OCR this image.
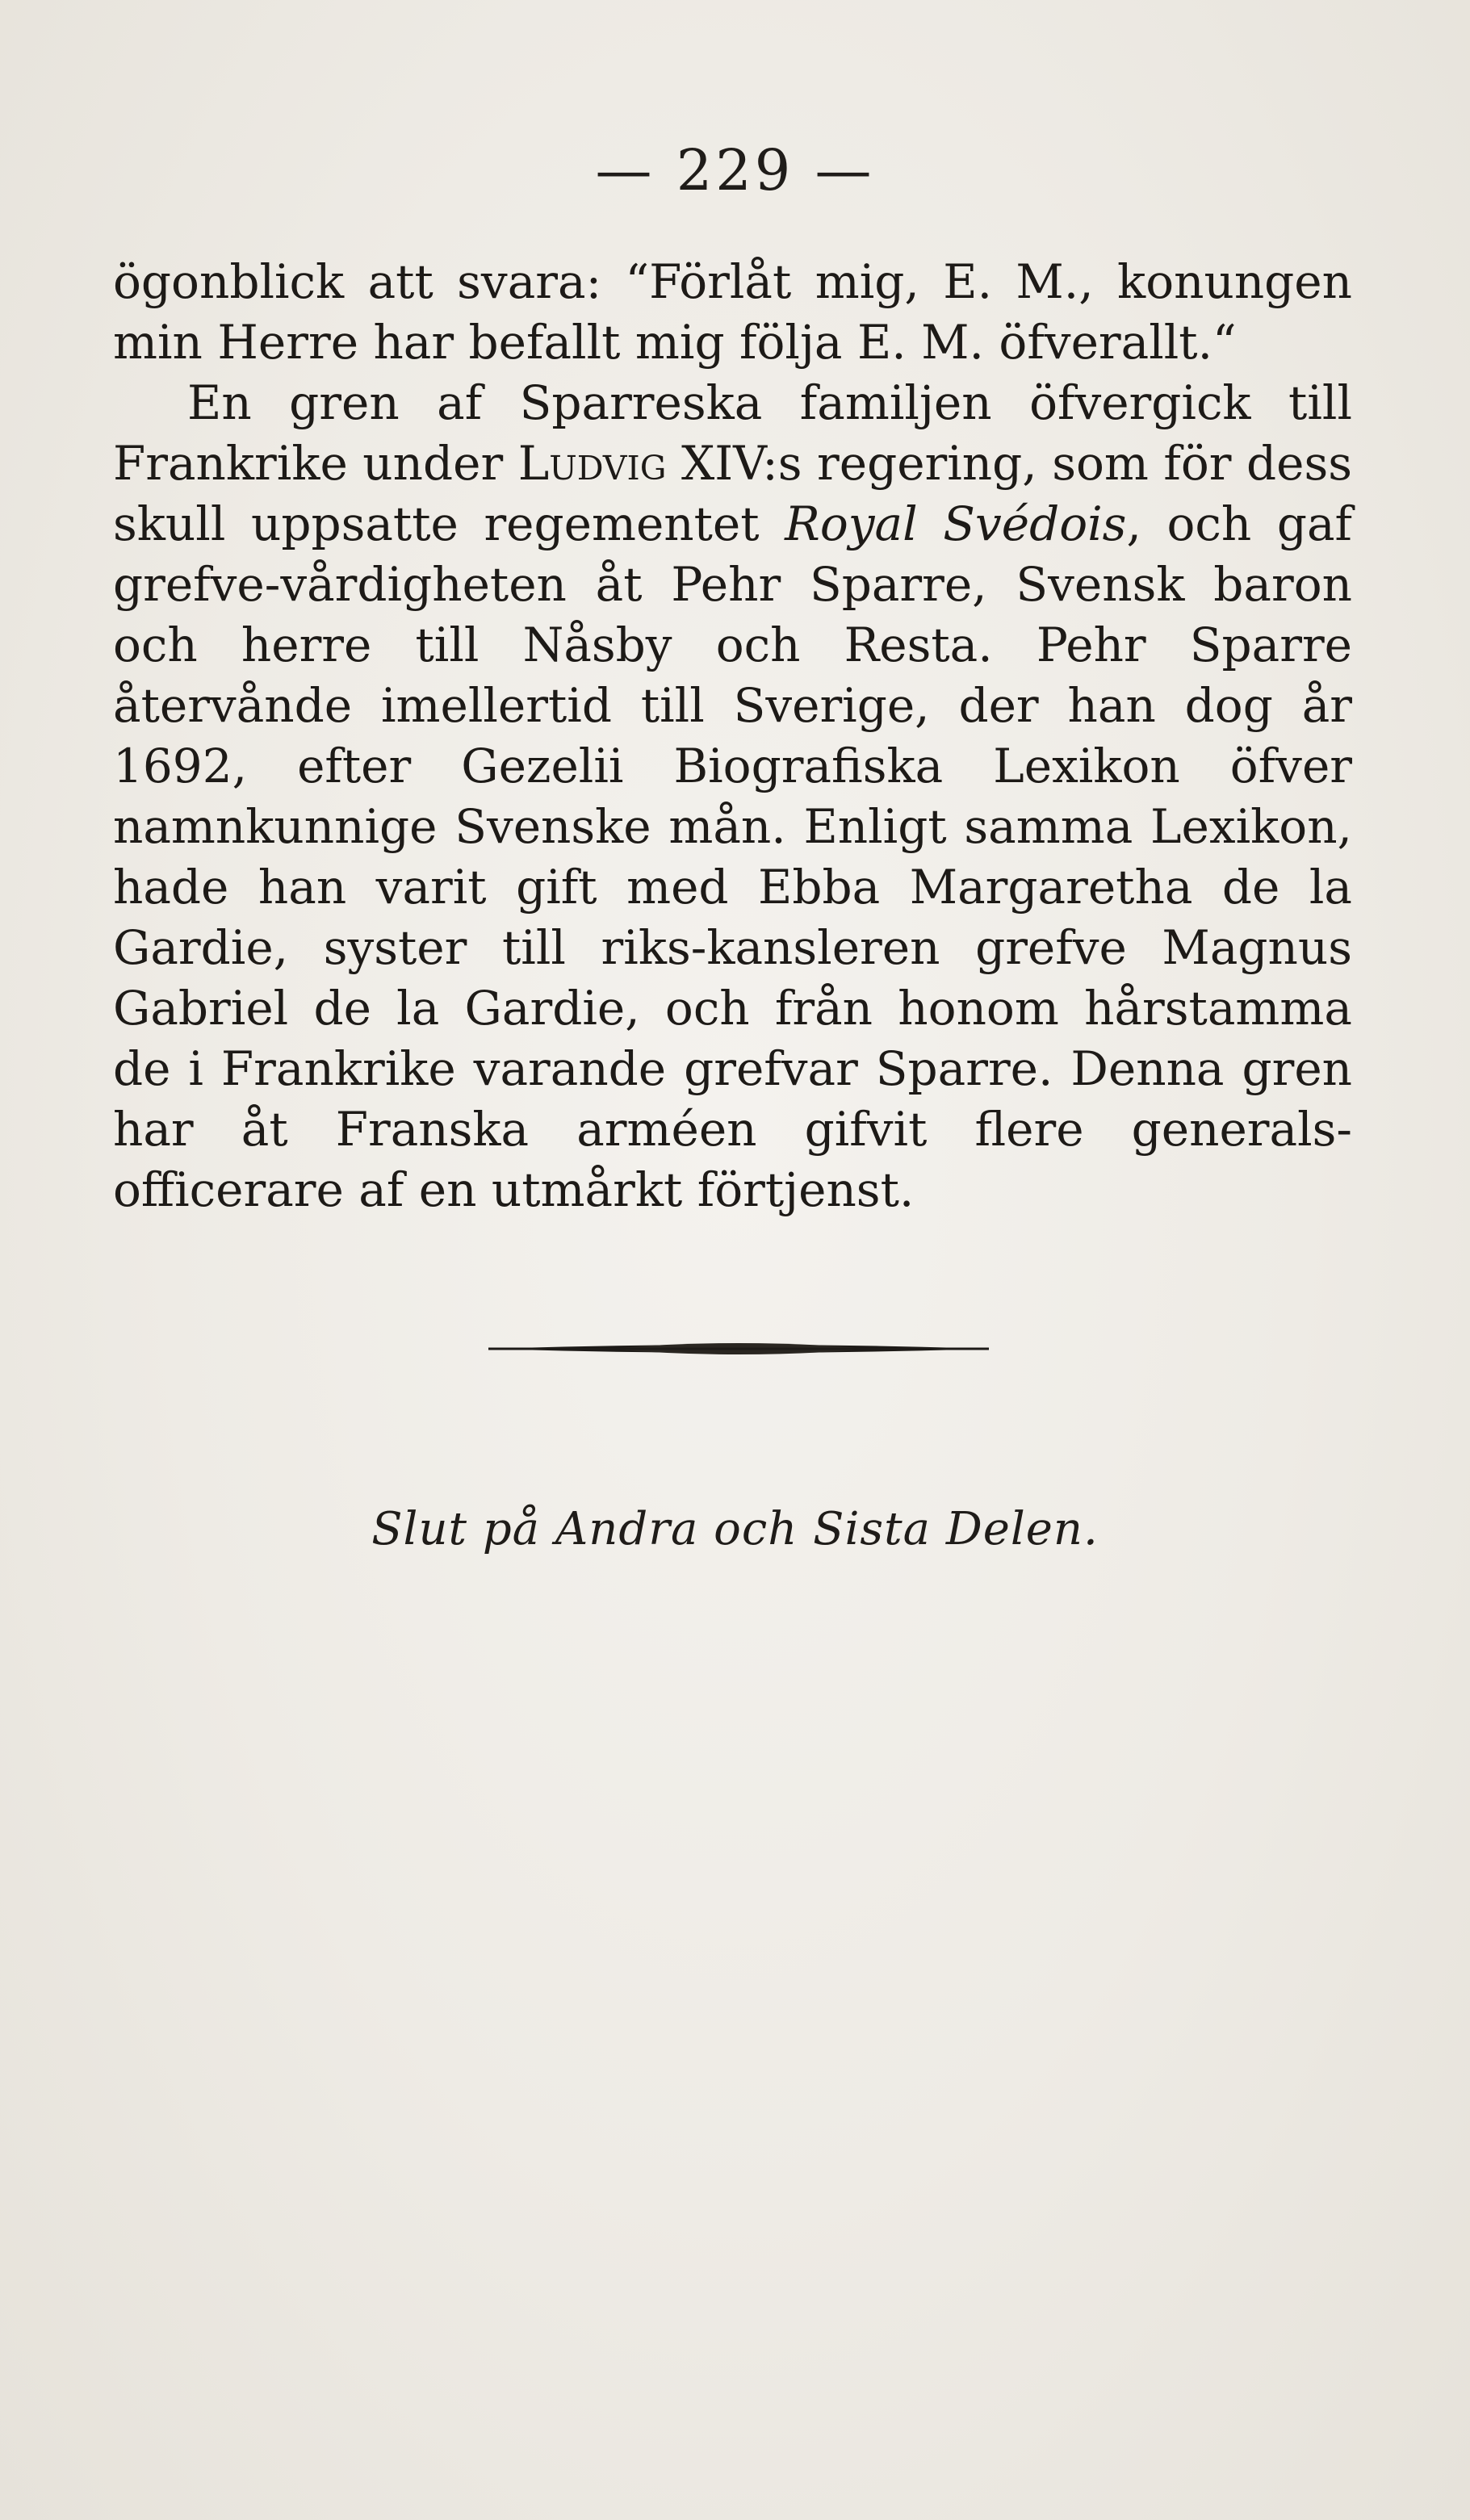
— 229 —

ögonblick att svara: “Förlåt mig, E. M., konungen min Herre har befallt mig följa E. M. öfverallt.“

En gren af Sparreska familjen öfvergick till Frankrike under Ludvig XIV:s regering, som för dess skull uppsatte regementet Royal Svédois, och gaf grefve-vårdigheten åt Pehr Sparre, Svensk baron och herre till Nåsby och Resta. Pehr Sparre återvånde imellertid till Sverige, der han dog år 1692, efter Gezelii Biografiska Lexikon öfver namnkunnige Svenske mån. Enligt samma Lexikon, hade han varit gift med Ebba Margaretha de la Gardie, syster till riks-kansleren grefve Magnus Gabriel de la Gardie, och från honom hårstamma de i Frankrike varande grefvar Sparre. Denna gren har åt Franska arméen gifvit flere generals-officerare af en utmårkt förtjenst.

Slut på Andra och Sista Delen.
